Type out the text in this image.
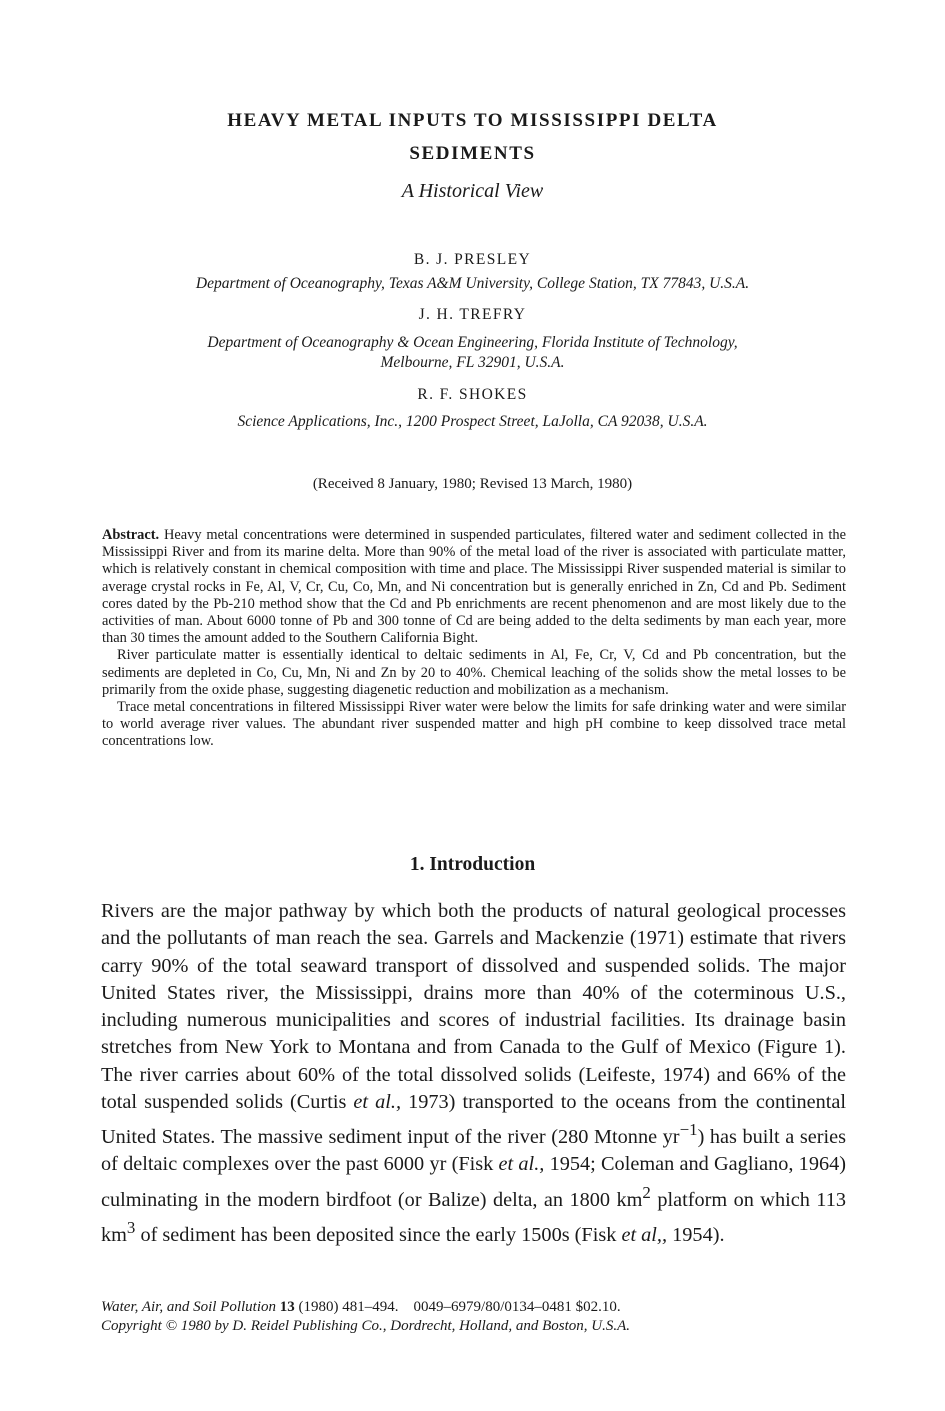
HEAVY METAL INPUTS TO MISSISSIPPI DELTA
SEDIMENTS
A Historical View
B. J. PRESLEY
Department of Oceanography, Texas A&M University, College Station, TX 77843, U.S.A.
J. H. TREFRY
Department of Oceanography & Ocean Engineering, Florida Institute of Technology,
Melbourne, FL 32901, U.S.A.
R. F. SHOKES
Science Applications, Inc., 1200 Prospect Street, LaJolla, CA 92038, U.S.A.
(Received 8 January, 1980; Revised 13 March, 1980)

Abstract. Heavy metal concentrations were determined in suspended particulates, filtered water and sediment collected in the Mississippi River and from its marine delta. More than 90% of the metal load of the river is associated with particulate matter, which is relatively constant in chemical composition with time and place. The Mississippi River suspended material is similar to average crystal rocks in Fe, Al, V, Cr, Cu, Co, Mn, and Ni concentration but is generally enriched in Zn, Cd and Pb. Sediment cores dated by the Pb-210 method show that the Cd and Pb enrichments are recent phenomenon and are most likely due to the activities of man. About 6000 tonne of Pb and 300 tonne of Cd are being added to the delta sediments by man each year, more than 30 times the amount added to the Southern California Bight.

River particulate matter is essentially identical to deltaic sediments in Al, Fe, Cr, V, Cd and Pb concentration, but the sediments are depleted in Co, Cu, Mn, Ni and Zn by 20 to 40%. Chemical leaching of the solids show the metal losses to be primarily from the oxide phase, suggesting diagenetic reduction and mobilization as a mechanism.

Trace metal concentrations in filtered Mississippi River water were below the limits for safe drinking water and were similar to world average river values. The abundant river suspended matter and high pH combine to keep dissolved trace metal concentrations low.

1. Introduction

Rivers are the major pathway by which both the products of natural geological processes and the pollutants of man reach the sea. Garrels and Mackenzie (1971) estimate that rivers carry 90% of the total seaward transport of dissolved and suspended solids. The major United States river, the Mississippi, drains more than 40% of the coterminous U.S., including numerous municipalities and scores of industrial facilities. Its drainage basin stretches from New York to Montana and from Canada to the Gulf of Mexico (Figure 1). The river carries about 60% of the total dissolved solids (Leifeste, 1974) and 66% of the total suspended solids (Curtis et al., 1973) transported to the oceans from the continental United States. The massive sediment input of the river (280 Mtonne $yr^{-1}$) has built a series of deltaic complexes over the past 6000 yr (Fisk et al., 1954; Coleman and Gagliano, 1964) culminating in the modern birdfoot (or Balize) delta, an 1800 $km^2$ platform on which 113 $km^3$ of sediment has been deposited since the early 1500s (Fisk et al,, 1954).

Water, Air, and Soil Pollution 13 (1980) 481–494. 0049–6979/80/0134–0481 $02.10.
Copyright © 1980 by D. Reidel Publishing Co., Dordrecht, Holland, and Boston, U.S.A.
